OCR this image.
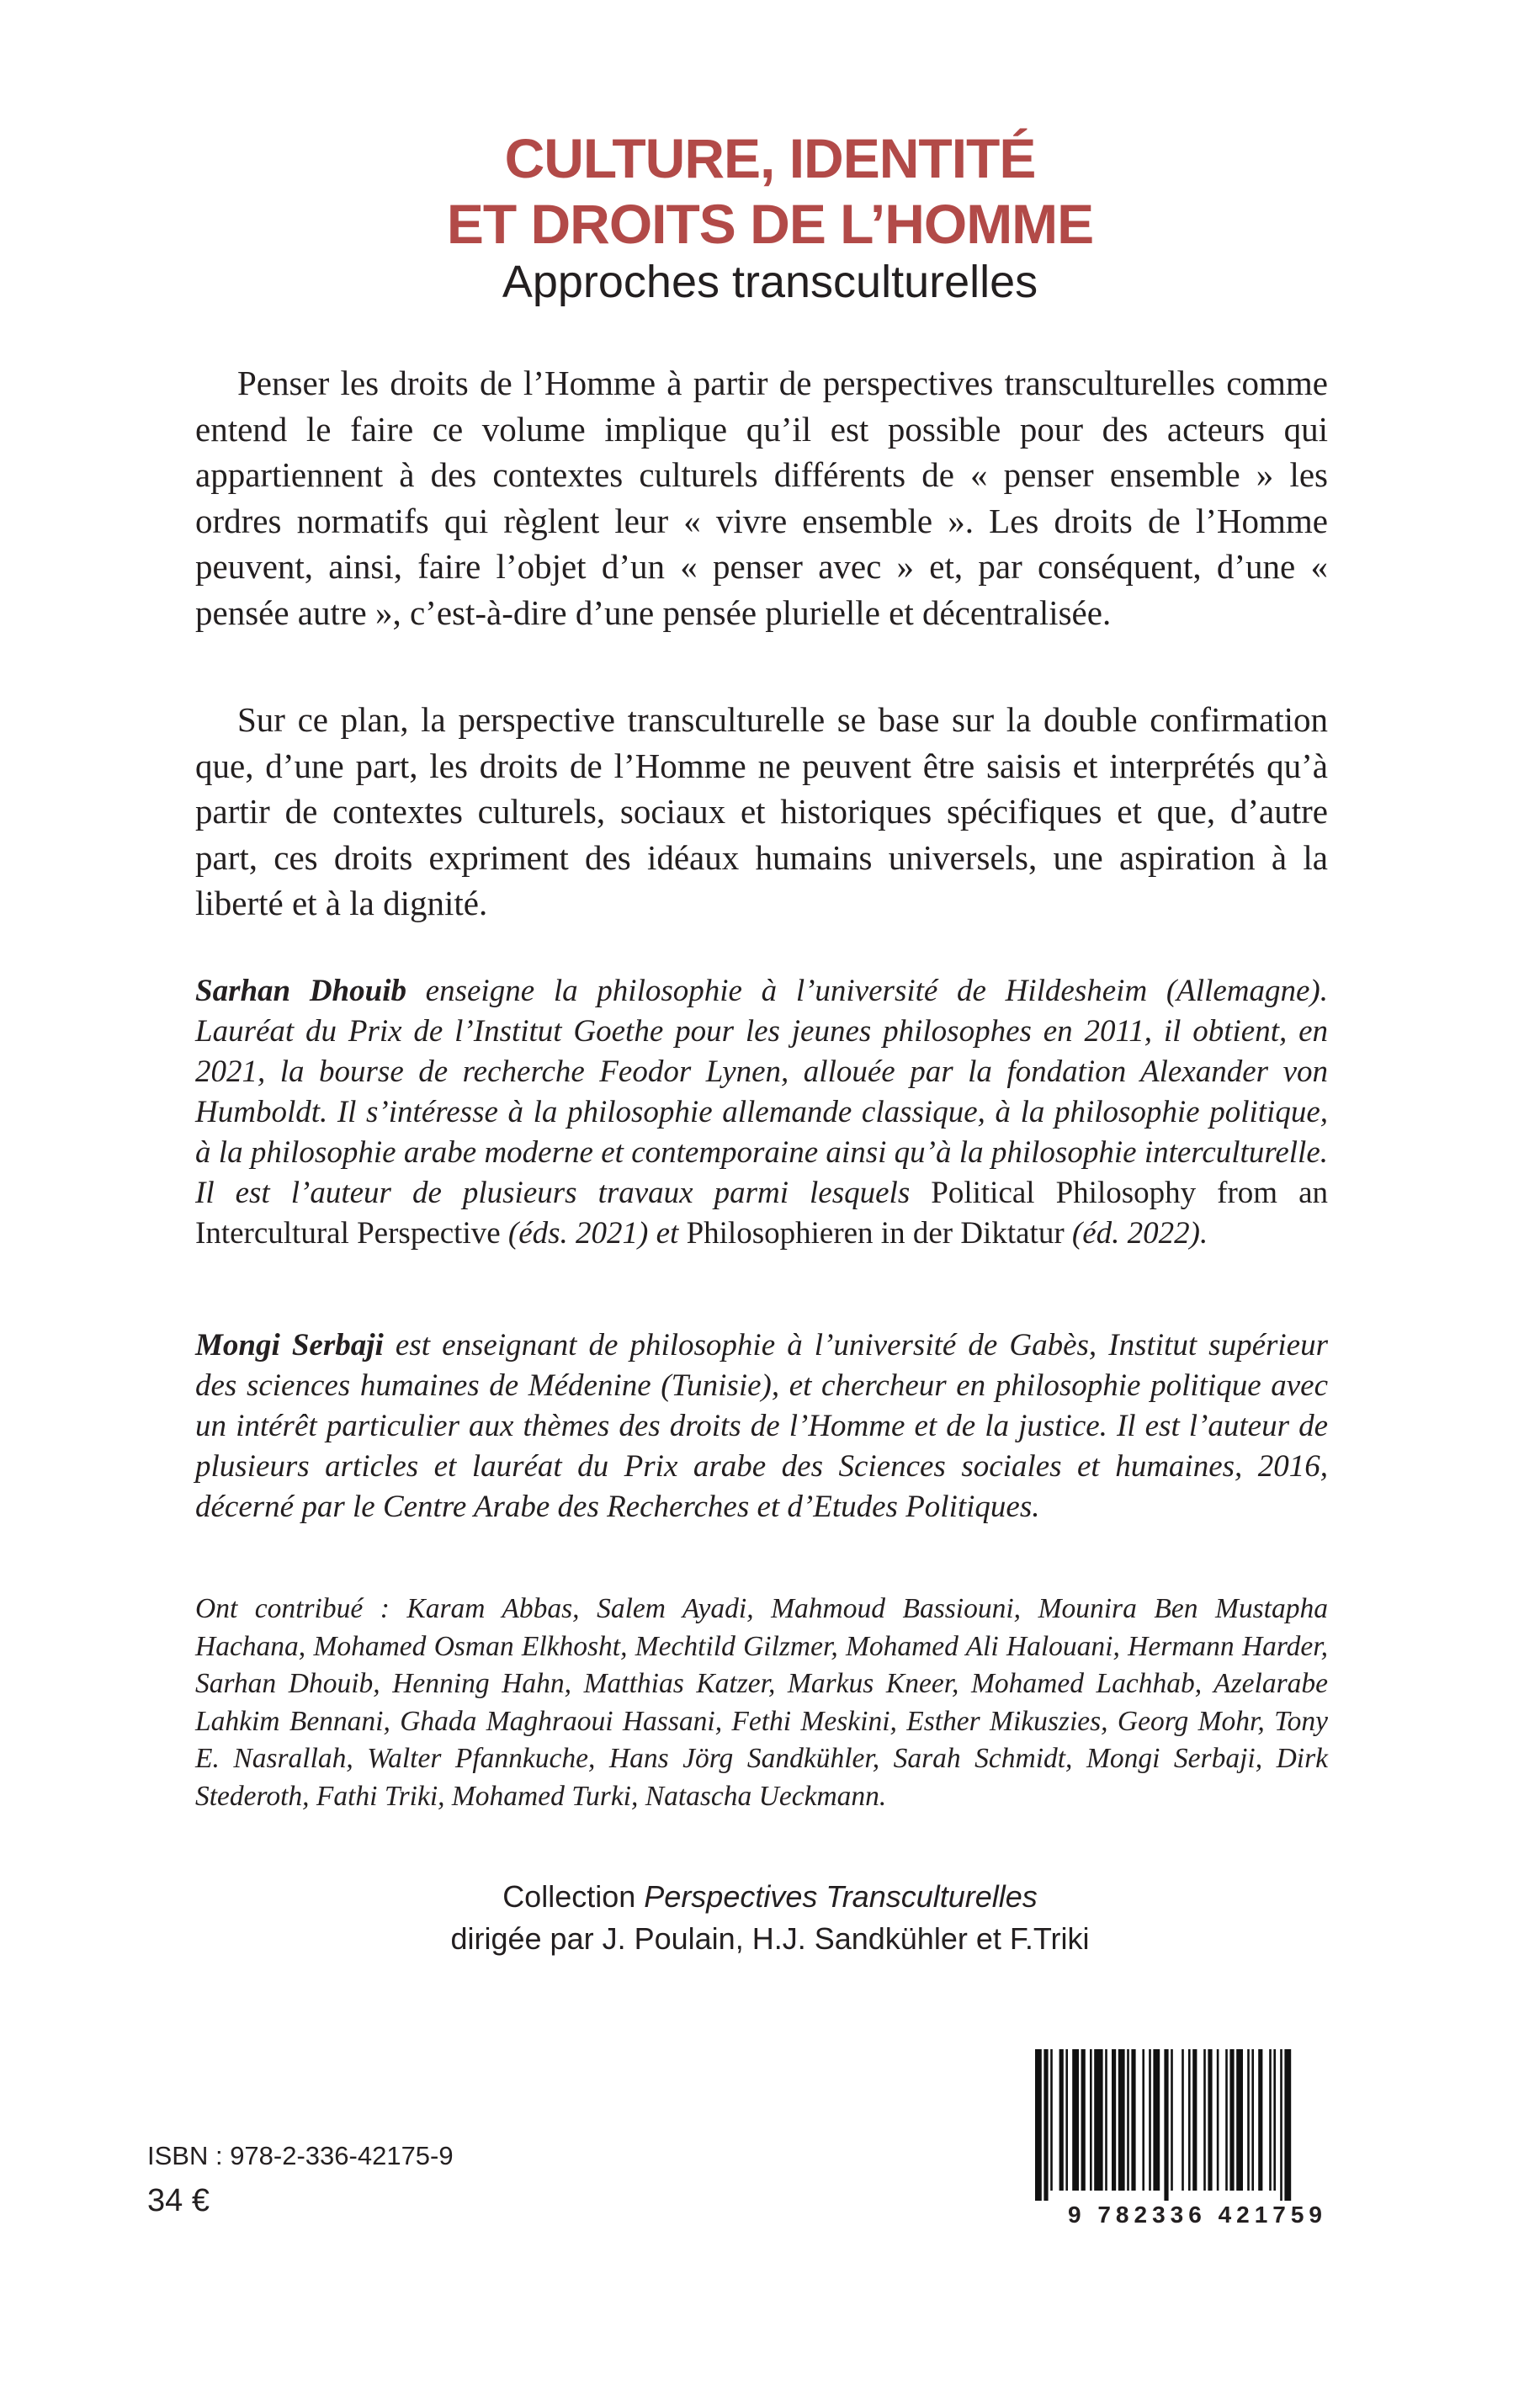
CULTURE, IDENTITÉ
ET DROITS DE L’HOMME
Approches transculturelles

Penser les droits de l’Homme à partir de perspectives transculturelles comme entend le faire ce volume implique qu’il est possible pour des acteurs qui appartiennent à des contextes culturels différents de « penser ensemble » les ordres normatifs qui règlent leur « vivre ensemble ». Les droits de l’Homme peuvent, ainsi, faire l’objet d’un « penser avec » et, par conséquent, d’une « pensée autre », c’est-à-dire d’une pensée plurielle et décentralisée.

Sur ce plan, la perspective transculturelle se base sur la double confirmation que, d’une part, les droits de l’Homme ne peuvent être saisis et interprétés qu’à partir de contextes culturels, sociaux et historiques spécifiques et que, d’autre part, ces droits expriment des idéaux humains universels, une aspiration à la liberté et à la dignité.

Sarhan Dhouib enseigne la philosophie à l’université de Hildesheim (Allemagne). Lauréat du Prix de l’Institut Goethe pour les jeunes philosophes en 2011, il obtient, en 2021, la bourse de recherche Feodor Lynen, allouée par la fondation Alexander von Humboldt. Il s’intéresse à la philosophie allemande classique, à la philosophie politique, à la philosophie arabe moderne et contemporaine ainsi qu’à la philosophie interculturelle. Il est l’auteur de plusieurs travaux parmi lesquels Political Philosophy from an Intercultural Perspective (éds. 2021) et Philosophieren in der Diktatur (éd. 2022).

Mongi Serbaji est enseignant de philosophie à l’université de Gabès, Institut supérieur des sciences humaines de Médenine (Tunisie), et chercheur en philosophie politique avec un intérêt particulier aux thèmes des droits de l’Homme et de la justice. Il est l’auteur de plusieurs articles et lauréat du Prix arabe des Sciences sociales et humaines, 2016, décerné par le Centre Arabe des Recherches et d’Etudes Politiques.

Ont contribué : Karam Abbas, Salem Ayadi, Mahmoud Bassiouni, Mounira Ben Mustapha Hachana, Mohamed Osman Elkhosht, Mechtild Gilzmer, Mohamed Ali Halouani, Hermann Harder, Sarhan Dhouib, Henning Hahn, Matthias Katzer, Markus Kneer, Mohamed Lachhab, Azelarabe Lahkim Bennani, Ghada Maghraoui Hassani, Fethi Meskini, Esther Mikuszies, Georg Mohr, Tony E. Nasrallah, Walter Pfannkuche, Hans Jörg Sandkühler, Sarah Schmidt, Mongi Serbaji, Dirk Stederoth, Fathi Triki, Mohamed Turki, Natascha Ueckmann.

Collection Perspectives Transculturelles
dirigée par J. Poulain, H.J. Sandkühler et F.Triki
ISBN : 978-2-336-42175-9
34 €	9 782336 421759
